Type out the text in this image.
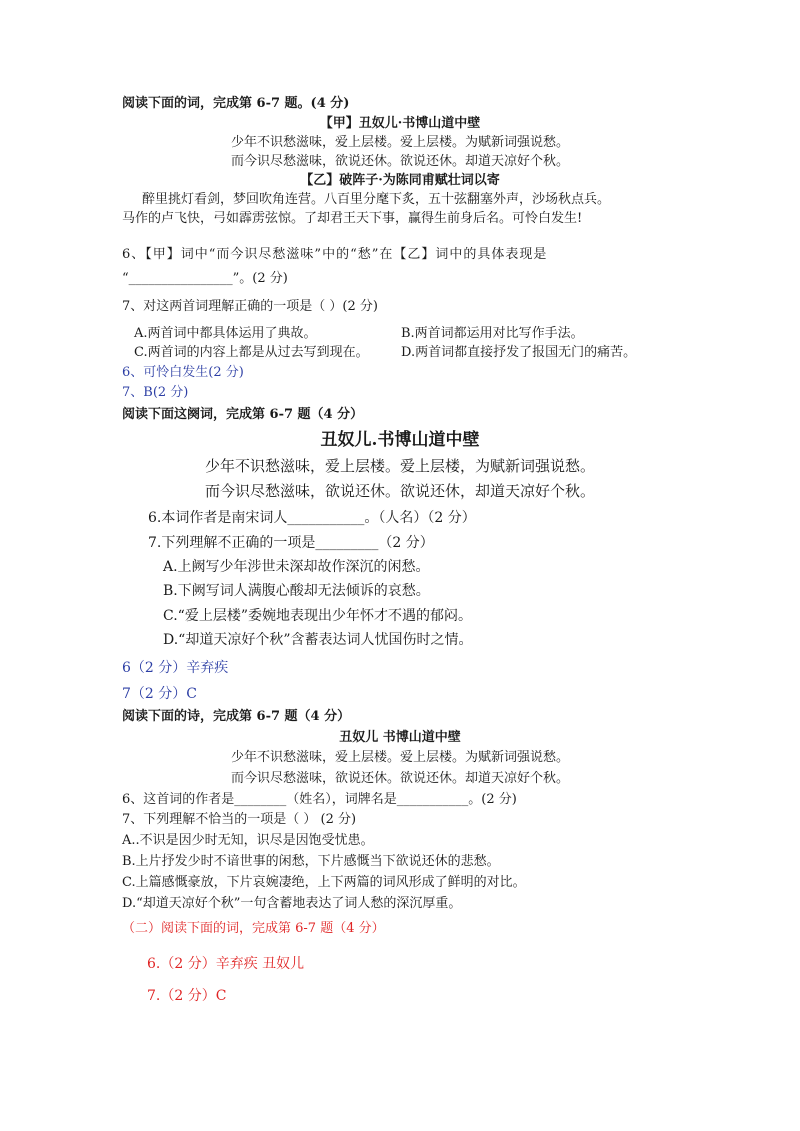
阅读下面的词，完成第 6-7 题。(4 分)
【甲】丑奴儿·书博山道中壁
少年不识愁滋味，爱上层楼。爱上层楼。为赋新词强说愁。
而今识尽愁滋味，欲说还休。欲说还休。却道天凉好个秋。
【乙】破阵子·为陈同甫赋壮词以寄
醉里挑灯看剑，梦回吹角连营。八百里分麾下炙，五十弦翻塞外声，沙场秋点兵。
马作的卢飞快，弓如霹雳弦惊。了却君王天下事，赢得生前身后名。可怜白发生!
6、【甲】词中“而今识尽愁滋味”中的“愁”在【乙】词中的具体表现是
“________________”。(2 分)
7、对这两首词理解正确的一项是（ ）(2 分)
A.两首词中都具体运用了典故。	B.两首词都运用对比写作手法。
C.两首词的内容上都是从过去写到现在。 D.两首词都直接抒发了报国无门的痛苦。
6、可怜白发生(2 分)
7、B(2 分)
阅读下面这阕词，完成第 6-7 题（4 分）
丑奴儿.书博山道中壁
少年不识愁滋味，爱上层楼。爱上层楼，为赋新词强说愁。
而今识尽愁滋味，欲说还休。欲说还休，却道天凉好个秋。
6.本词作者是南宋词人___________。（人名）（2 分）
7.下列理解不正确的一项是_________（2 分）
A.上阙写少年涉世未深却故作深沉的闲愁。
B.下阙写词人满腹心酸却无法倾诉的哀愁。
C.“爱上层楼”委婉地表现出少年怀才不遇的郁闷。
D.“却道天凉好个秋”含蓄表达词人忧国伤时之情。
6（2 分）辛弃疾
7（2 分）C
阅读下面的诗，完成第 6-7 题（4 分）
丑奴儿 书博山道中壁
少年不识愁滋味，爱上层楼。爱上层楼。为赋新词强说愁。
而今识尽愁滋味，欲说还休。欲说还休。却道天凉好个秋。
6、这首词的作者是________（姓名），词牌名是___________。(2 分)
7、下列理解不恰当的一项是（ ） (2 分)
A..不识是因少时无知，识尽是因饱受忧患。
B.上片抒发少时不谙世事的闲愁，下片感慨当下欲说还休的悲愁。
C.上篇感慨豪放，下片哀婉凄绝，上下两篇的词风形成了鲜明的对比。
D.“却道天凉好个秋”一句含蓄地表达了词人愁的深沉厚重。
（二）阅读下面的词，完成第 6-7 题（4 分）
6.（2 分）辛弃疾 丑奴儿
7.（2 分）C
